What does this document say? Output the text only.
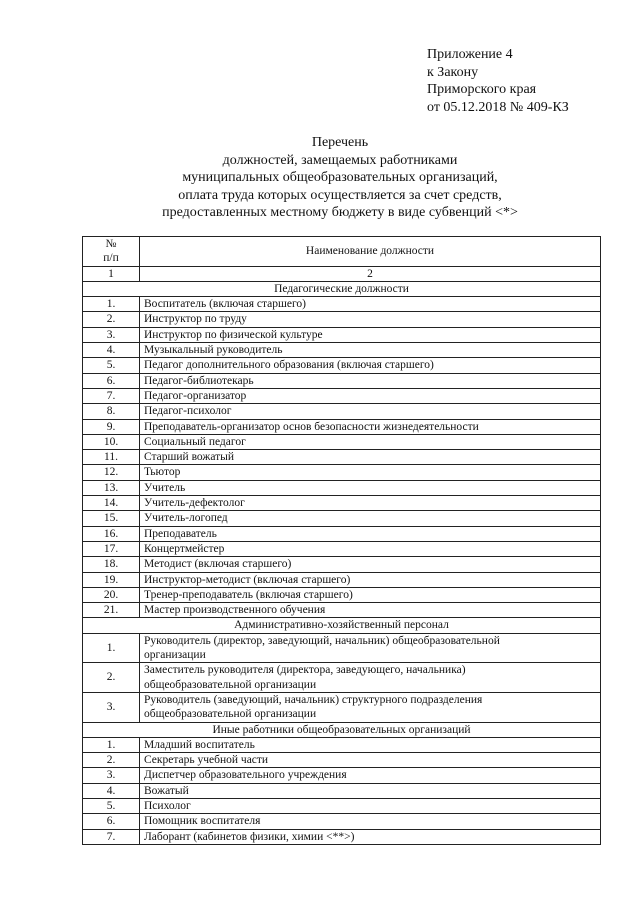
Приложение 4
к Закону
Приморского края
от 05.12.2018 № 409-КЗ
Перечень
должностей, замещаемых работниками
муниципальных общеобразовательных организаций,
оплата труда которых осуществляется за счет средств,
предоставленных местному бюджету в виде субвенций <*>
№
п/п	Наименование должности
1	2
Педагогические должности	
1.	Воспитатель (включая старшего)
2.	Инструктор по труду
3.	Инструктор по физической культуре
4.	Музыкальный руководитель
5.	Педагог дополнительного образования (включая старшего)
6.	Педагог-библиотекарь
7.	Педагог-организатор
8.	Педагог-психолог
9.	Преподаватель-организатор основ безопасности жизнедеятельности
10.	Социальный педагог
11.	Старший вожатый
12.	Тьютор
13.	Учитель
14.	Учитель-дефектолог
15.	Учитель-логопед
16.	Преподаватель
17.	Концертмейстер
18.	Методист (включая старшего)
19.	Инструктор-методист (включая старшего)
20.	Тренер-преподаватель (включая старшего)
21.	Мастер производственного обучения
Административно-хозяйственный персонал	
1.	Руководитель (директор, заведующий, начальник) общеобразовательной
организации

2.	Заместитель руководителя (директора, заведующего, начальника)
общеобразовательной организации

3.	Руководитель (заведующий, начальник) структурного подразделения
общеобразовательной организации

Иные работники общеобразовательных организаций	
1.	Младший воспитатель
2.	Секретарь учебной части
3.	Диспетчер образовательного учреждения
4.	Вожатый
5.	Психолог
6.	Помощник воспитателя
7.	Лаборант (кабинетов физики, химии <**>)
